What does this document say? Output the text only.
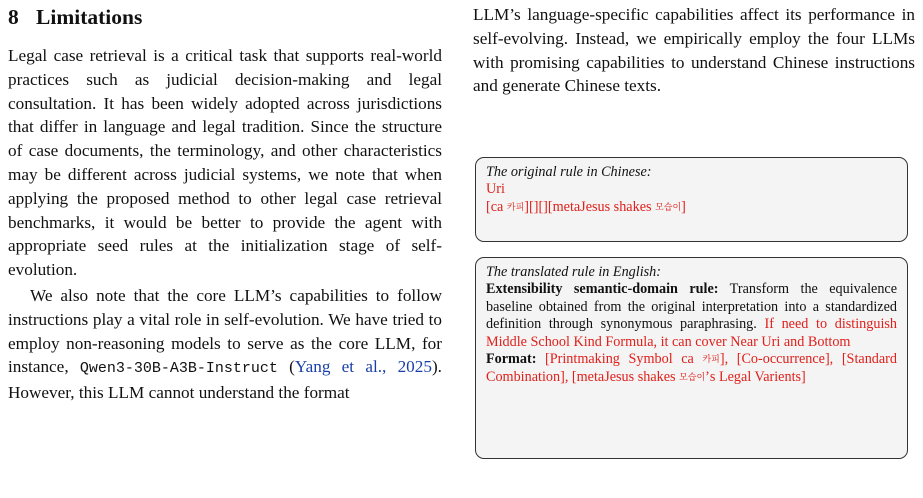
8 Limitations

Legal case retrieval is a critical task that supports real-world practices such as judicial decision-making and legal consultation. It has been widely adopted across jurisdictions that differ in language and legal tradition. Since the structure of case documents, the terminology, and other characteristics may be different across judicial systems, we note that when applying the proposed method to other legal case retrieval benchmarks, it would be better to provide the agent with appropriate seed rules at the initialization stage of self-evolution.

We also note that the core LLM’s capabilities to follow instructions play a vital role in self-evolution. We have tried to employ non-reasoning models to serve as the core LLM, for instance, Qwen3-30B-A3B-Instruct (Yang et al., 2025). However, this LLM cannot understand the format

LLM’s language-specific capabilities affect its performance in self-evolving. Instead, we empirically employ the four LLMs with promising capabilities to understand Chinese instructions and generate Chinese texts.

The original rule in Chinese:
Uri
[ca 카피][][][metaJesus shakes 모습이]
The translated rule in English:
Extensibility semantic-domain rule: Transform the equivalence baseline obtained from the original interpretation into a standardized definition through synonymous paraphrasing. If need to distinguish Middle School Kind Formula, it can cover Near Uri and Bottom
Format: [Printmaking Symbol ca 카피], [Co-occurrence], [Standard Combination], [metaJesus shakes 모습이’s Legal Varients]
